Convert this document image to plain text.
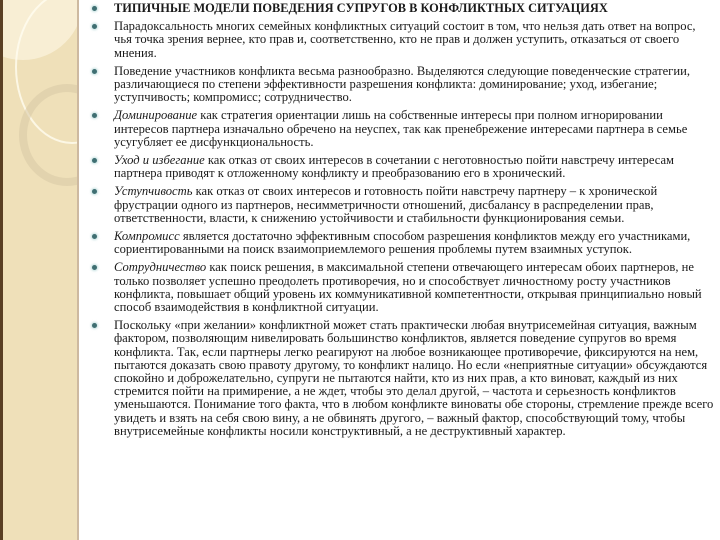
ТИПИЧНЫЕ МОДЕЛИ ПОВЕДЕНИЯ СУПРУГОВ В КОНФЛИКТНЫХ СИТУАЦИЯХ
Парадоксальность многих семейных конфликтных ситуаций состоит в том, что нельзя дать ответ на вопрос, чья точка зрения вернее, кто прав и, соответственно, кто не прав и должен уступить, отказаться от своего мнения.
Поведение участников конфликта весьма разнообразно. Выделяются следующие поведенческие стратегии, различающиеся по степени эффективности разрешения конфликта: доминирование; уход, избегание; уступчивость; компромисс; сотрудничество.
Доминирование как стратегия ориентации лишь на собственные интересы при полном игнорировании интересов партнера изначально обречено на неуспех, так как пренебрежение интересами партнера в семье усугубляет ее дисфункциональность.
Уход и избегание как отказ от своих интересов в сочетании с неготовностью пойти навстречу интересам партнера приводят к отложенному конфликту и преобразованию его в хронический.
Уступчивость как отказ от своих интересов и готовность пойти навстречу партнеру – к хронической фрустрации одного из партнеров, несимметричности отношений, дисбалансу в распределении прав, ответственности, власти, к снижению устойчивости и стабильности функционирования семьи.
Компромисс является достаточно эффективным способом разрешения конфликтов между его участниками, сориентированными на поиск взаимоприемлемого решения проблемы путем взаимных уступок.
Сотрудничество как поиск решения, в максимальной степени отвечающего интересам обоих партнеров, не только позволяет успешно преодолеть противоречия, но и способствует личностному росту участников конфликта, повышает общий уровень их коммуникативной компетентности, открывая принципиально новый способ взаимодействия в конфликтной ситуации.
Поскольку «при желании» конфликтной может стать практически любая внутрисемейная ситуация, важным фактором, позволяющим нивелировать большинство конфликтов, является поведение супругов во время конфликта. Так, если партнеры легко реагируют на любое возникающее противоречие, фиксируются на нем, пытаются доказать свою правоту другому, то конфликт налицо. Но если «неприятные ситуации» обсуждаются спокойно и доброжелательно, супруги не пытаются найти, кто из них прав, а кто виноват, каждый из них стремится пойти на примирение, а не ждет, чтобы это делал другой, – частота и серьезность конфликтов уменьшаются. Понимание того факта, что в любом конфликте виноваты обе стороны, стремление прежде всего увидеть и взять на себя свою вину, а не обвинять другого, – важный фактор, способствующий тому, чтобы внутрисемейные конфликты носили конструктивный, а не деструктивный характер.
